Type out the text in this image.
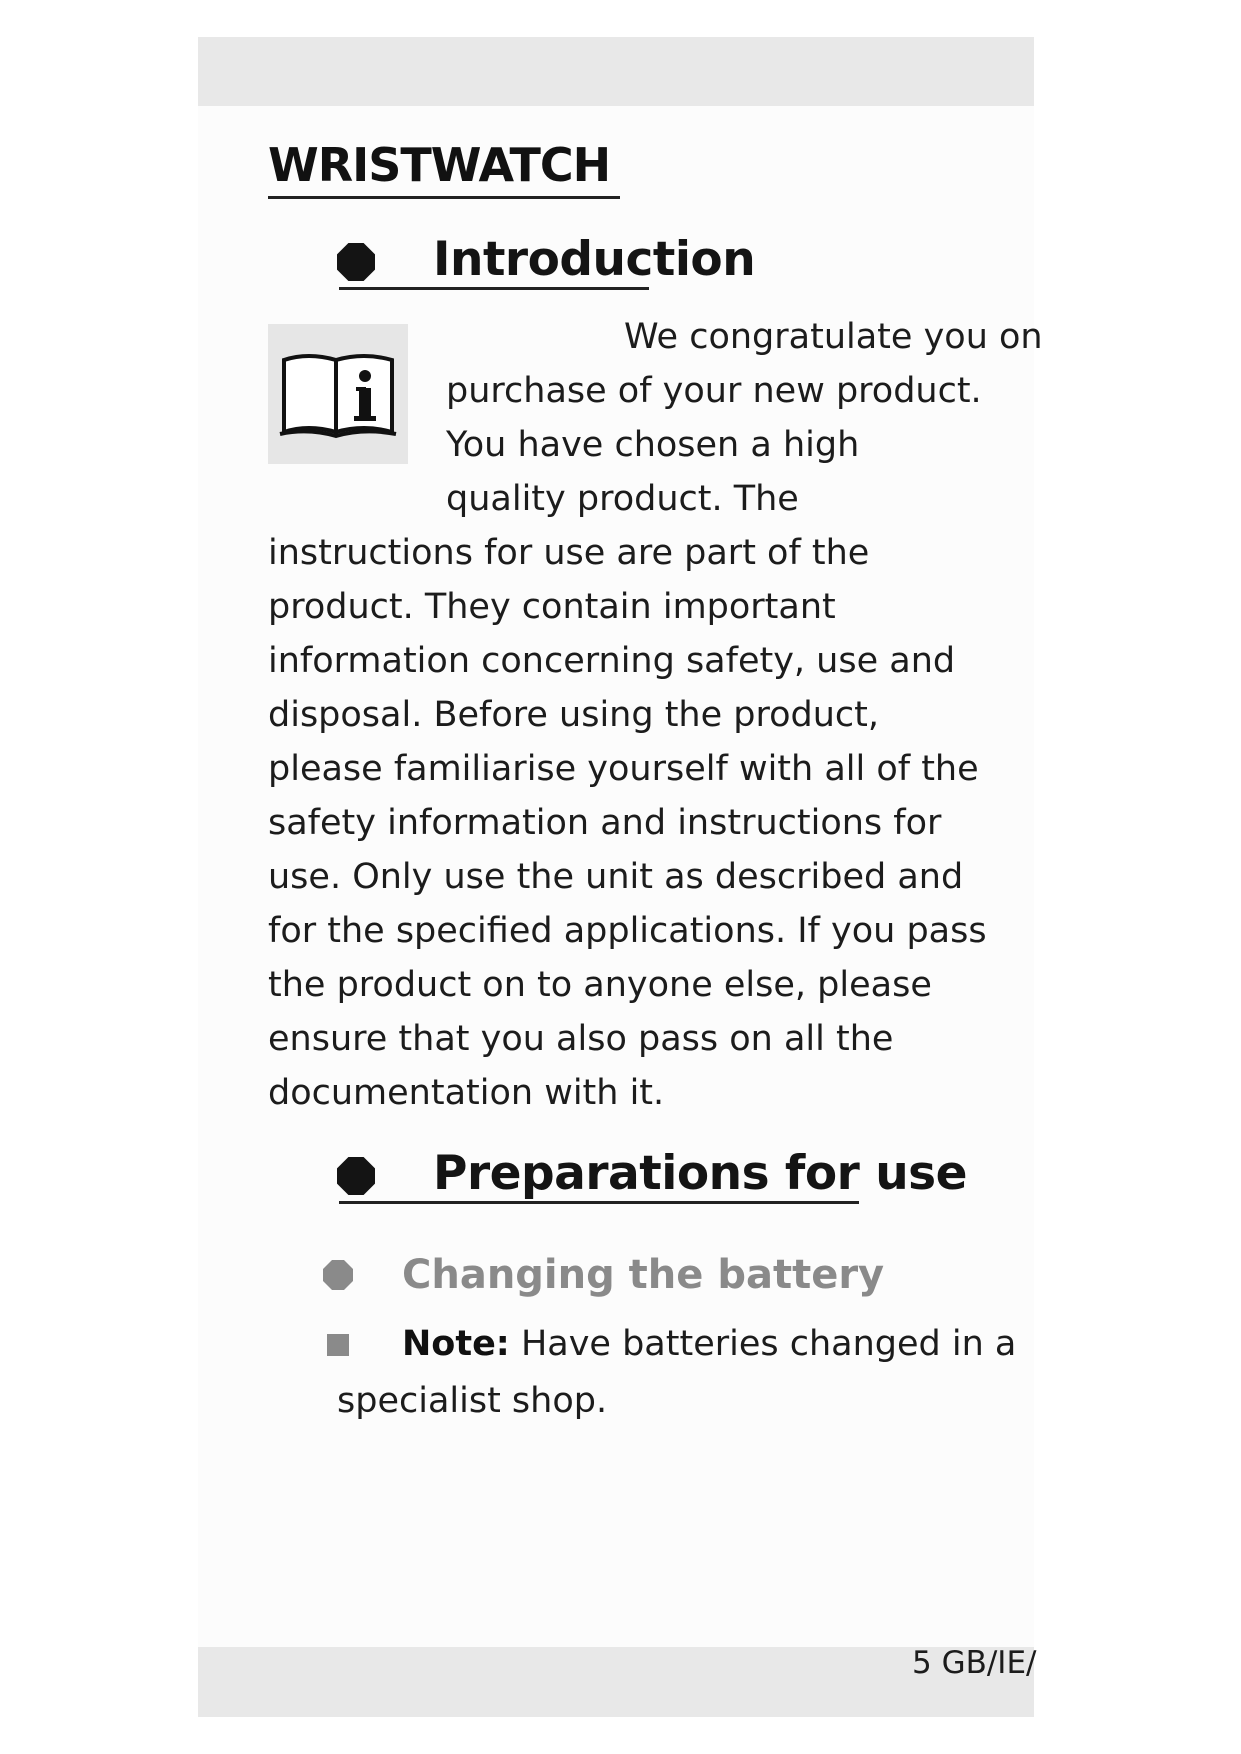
WRISTWATCH
Introduction
We congratulate you on
purchase of your new product.
You have chosen a high
quality product. The
instructions for use are part of the
product. They contain important
information concerning safety, use and
disposal. Before using the product,
please familiarise yourself with all of the
safety information and instructions for
use. Only use the unit as described and
for the specified applications. If you pass
the product on to anyone else, please
ensure that you also pass on all the
documentation with it.
Preparations for use
Changing the battery
Note: Have batteries changed in a
specialist shop.
5 GB/IE/
